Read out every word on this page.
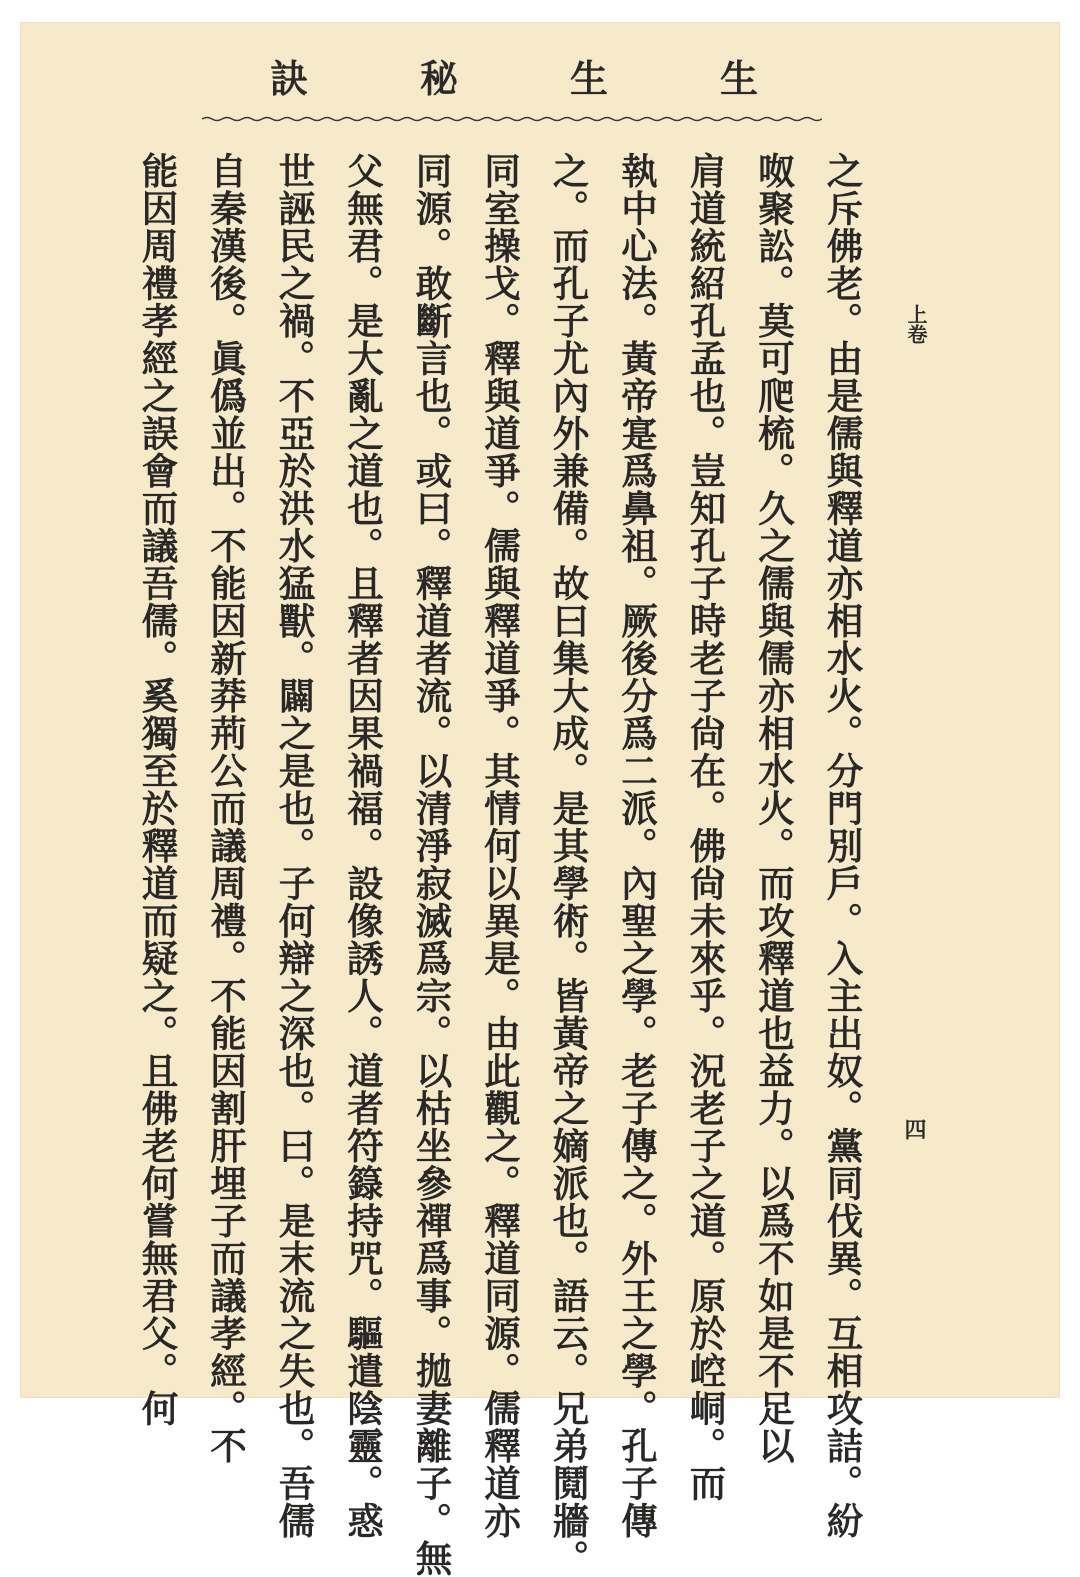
生
生
秘
訣
上卷
四
之斥佛老。由是儒與釋道亦相水火。分門別戶。入主出奴。黨同伐異。互相攻詰。紛
呶聚訟。莫可爬梳。久之儒與儒亦相水火。而攻釋道也益力。以爲不如是不足以
肩道統紹孔孟也。豈知孔子時老子尙在。佛尙未來乎。況老子之道。原於崆峒。而
執中心法。黃帝寔爲鼻祖。厥後分爲二派。內聖之學。老子傳之。外王之學。孔子傳
之。而孔子尤內外兼備。故曰集大成。是其學術。皆黃帝之嫡派也。語云。兄弟鬩牆。
同室操戈。釋與道爭。儒與釋道爭。其情何以異是。由此觀之。釋道同源。儒釋道亦
同源。敢斷言也。或曰。釋道者流。以清淨寂滅爲宗。以枯坐參禪爲事。拋妻離子。無
父無君。是大亂之道也。且釋者因果禍福。設像誘人。道者符籙持咒。驅遣陰靈。惑
世誣民之禍。不亞於洪水猛獸。闢之是也。子何辯之深也。曰。是末流之失也。吾儒
自秦漢後。眞僞並出。不能因新莽荊公而議周禮。不能因割肝埋子而議孝經。不
能因周禮孝經之誤會而議吾儒。奚獨至於釋道而疑之。且佛老何嘗無君父。何
